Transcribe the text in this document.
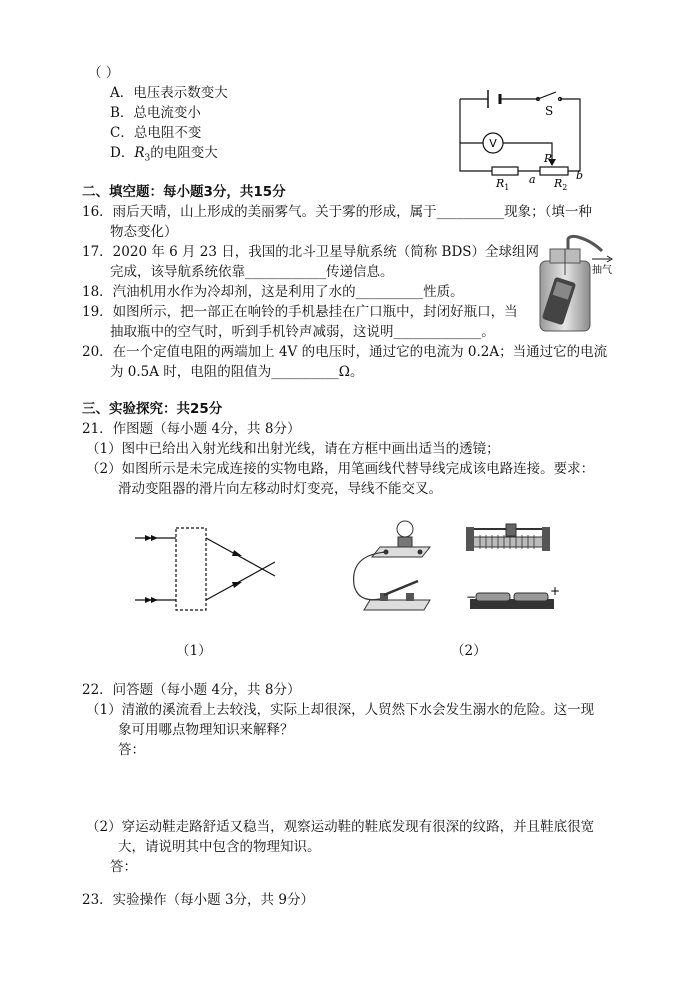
（ ）
A．电压表示数变大
B．总电流变小
C．总电阻不变
D．$R_3$的电阻变大
V
S
P
a	b
$R_1$	$R_2$
二、填空题：每小题3分，共15分
16．雨后天晴，山上形成的美丽雾气。关于雾的形成，属于__________现象；（填一种
物态变化）
17．2020 年 6 月 23 日，我国的北斗卫星导航系统（简称 BDS）全球组网
完成，该导航系统依靠____________传递信息。
18．汽油机用水作为冷却剂，这是利用了水的__________性质。
19．如图所示，把一部正在响铃的手机悬挂在广口瓶中，封闭好瓶口，当
抽取瓶中的空气时，听到手机铃声减弱，这说明_____________。
20．在一个定值电阻的两端加上 4V 的电压时，通过它的电流为 0.2A；当通过它的电流
为 0.5A 时，电阻的阻值为__________Ω。
抽气
三、实验探究：共25分
21．作图题（每小题 4分，共 8分）
（1）图中已给出入射光线和出射光线，请在方框中画出适当的透镜；
（2）如图所示是未完成连接的实物电路，用笔画线代替导线完成该电路连接。要求：
滑动变阻器的滑片向左移动时灯变亮，导线不能交叉。
−	+
（1）	（2）
22．问答题（每小题 4分，共 8分）
（1）清澈的溪流看上去较浅，实际上却很深，人贸然下水会发生溺水的危险。这一现
象可用哪点物理知识来解释？
答：
（2）穿运动鞋走路舒适又稳当，观察运动鞋的鞋底发现有很深的纹路，并且鞋底很宽
大，请说明其中包含的物理知识。
答：
23．实验操作（每小题 3分，共 9分）
